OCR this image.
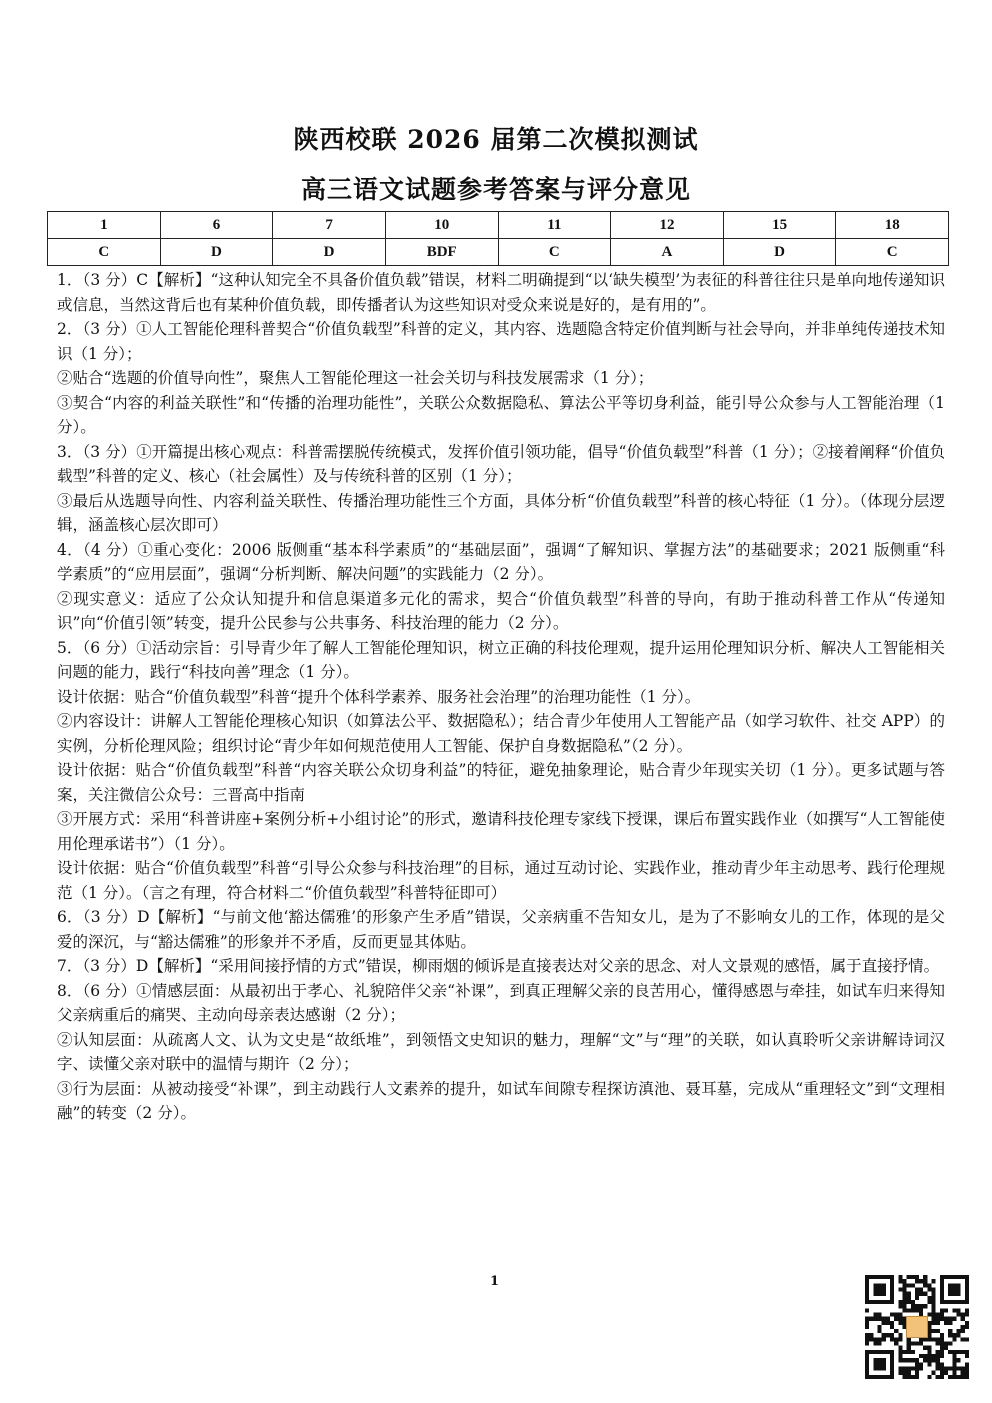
陕西校联 2026 届第二次模拟测试
高三语文试题参考答案与评分意见
1	6	7	10	11	12	15	18
C	D	D	BDF	C	A	D	C

1．（3 分）C【解析】“这种认知完全不具备价值负载”错误，材料二明确提到“以‘缺失模型’为表征的科普往往只是单向地传递知识或信息，当然这背后也有某种价值负载，即传播者认为这些知识对受众来说是好的，是有用的”。

2．（3 分）①人工智能伦理科普契合“价值负载型”科普的定义，其内容、选题隐含特定价值判断与社会导向，并非单纯传递技术知识（1 分）；

②贴合“选题的价值导向性”，聚焦人工智能伦理这一社会关切与科技发展需求（1 分）；

③契合“内容的利益关联性”和“传播的治理功能性”，关联公众数据隐私、算法公平等切身利益，能引导公众参与人工智能治理（1 分）。

3．（3 分）①开篇提出核心观点：科普需摆脱传统模式，发挥价值引领功能，倡导“价值负载型”科普（1 分）；②接着阐释“价值负载型”科普的定义、核心（社会属性）及与传统科普的区别（1 分）；

③最后从选题导向性、内容利益关联性、传播治理功能性三个方面，具体分析“价值负载型”科普的核心特征（1 分）。（体现分层逻辑，涵盖核心层次即可）

4．（4 分）①重心变化：2006 版侧重“基本科学素质”的“基础层面”，强调“了解知识、掌握方法”的基础要求；2021 版侧重“科学素质”的“应用层面”，强调“分析判断、解决问题”的实践能力（2 分）。

②现实意义：适应了公众认知提升和信息渠道多元化的需求，契合“价值负载型”科普的导向，有助于推动科普工作从“传递知识”向“价值引领”转变，提升公民参与公共事务、科技治理的能力（2 分）。

5．（6 分）①活动宗旨：引导青少年了解人工智能伦理知识，树立正确的科技伦理观，提升运用伦理知识分析、解决人工智能相关问题的能力，践行“科技向善”理念（1 分）。

设计依据：贴合“价值负载型”科普“提升个体科学素养、服务社会治理”的治理功能性（1 分）。

②内容设计：讲解人工智能伦理核心知识（如算法公平、数据隐私）；结合青少年使用人工智能产品（如学习软件、社交 APP）的实例，分析伦理风险；组织讨论“青少年如何规范使用人工智能、保护自身数据隐私”（2 分）。

设计依据：贴合“价值负载型”科普“内容关联公众切身利益”的特征，避免抽象理论，贴合青少年现实关切（1 分）。更多试题与答案，关注微信公众号：三晋高中指南

③开展方式：采用“科普讲座+案例分析+小组讨论”的形式，邀请科技伦理专家线下授课，课后布置实践作业（如撰写“人工智能使用伦理承诺书”）（1 分）。

设计依据：贴合“价值负载型”科普“引导公众参与科技治理”的目标，通过互动讨论、实践作业，推动青少年主动思考、践行伦理规范（1 分）。（言之有理，符合材料二“价值负载型”科普特征即可）

6．（3 分）D【解析】“与前文他‘豁达儒雅’的形象产生矛盾”错误，父亲病重不告知女儿，是为了不影响女儿的工作，体现的是父爱的深沉，与“豁达儒雅”的形象并不矛盾，反而更显其体贴。

7．（3 分）D【解析】“采用间接抒情的方式”错误，柳雨烟的倾诉是直接表达对父亲的思念、对人文景观的感悟，属于直接抒情。

8．（6 分）①情感层面：从最初出于孝心、礼貌陪伴父亲“补课”，到真正理解父亲的良苦用心，懂得感恩与牵挂，如试车归来得知父亲病重后的痛哭、主动向母亲表达感谢（2 分）；

②认知层面：从疏离人文、认为文史是“故纸堆”，到领悟文史知识的魅力，理解“文”与“理”的关联，如认真聆听父亲讲解诗词汉字、读懂父亲对联中的温情与期许（2 分）；

③行为层面：从被动接受“补课”，到主动践行人文素养的提升，如试车间隙专程探访滇池、聂耳墓，完成从“重理轻文”到“文理相融”的转变（2 分）。

1
